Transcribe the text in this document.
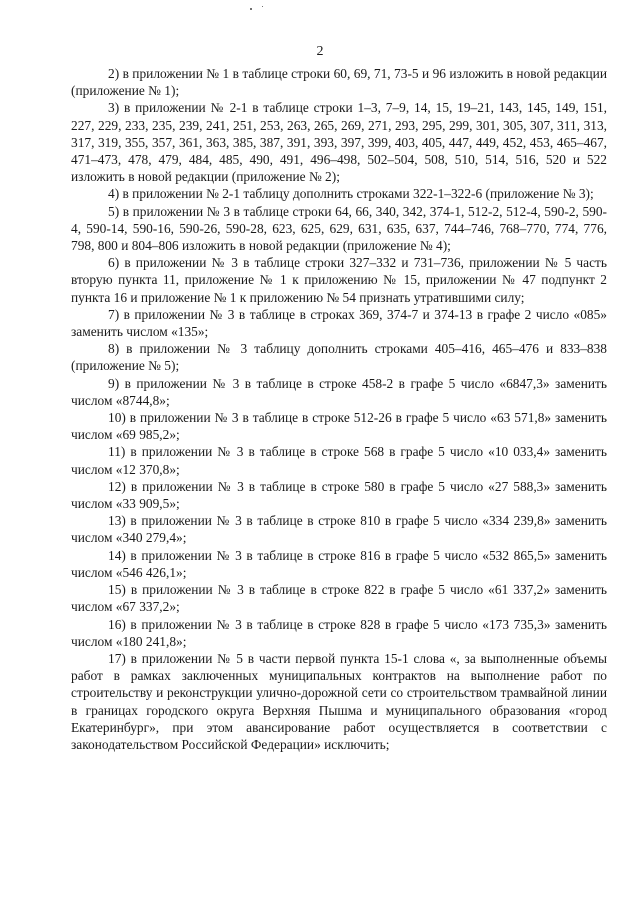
2

2) в приложении № 1 в таблице строки 60, 69, 71, 73-5 и 96 изложить в новой редакции (приложение № 1);

3) в приложении № 2-1 в таблице строки 1–3, 7–9, 14, 15, 19–21, 143, 145, 149, 151, 227, 229, 233, 235, 239, 241, 251, 253, 263, 265, 269, 271, 293, 295, 299, 301, 305, 307, 311, 313, 317, 319, 355, 357, 361, 363, 385, 387, 391, 393, 397, 399, 403, 405, 447, 449, 452, 453, 465–467, 471–473, 478, 479, 484, 485, 490, 491, 496–498, 502–504, 508, 510, 514, 516, 520 и 522 изложить в новой редакции (приложение № 2);

4) в приложении № 2-1 таблицу дополнить строками 322-1–322-6 (приложение № 3);

5) в приложении № 3 в таблице строки 64, 66, 340, 342, 374-1, 512-2, 512-4, 590-2, 590-4, 590-14, 590-16, 590-26, 590-28, 623, 625, 629, 631, 635, 637, 744–746, 768–770, 774, 776, 798, 800 и 804–806 изложить в новой редакции (приложение № 4);

6) в приложении № 3 в таблице строки 327–332 и 731–736, приложении № 5 часть вторую пункта 11, приложение № 1 к приложению № 15, приложении № 47 подпункт 2 пункта 16 и приложение № 1 к приложению № 54 признать утратившими силу;

7) в приложении № 3 в таблице в строках 369, 374-7 и 374-13 в графе 2 число «085» заменить числом «135»;

8) в приложении № 3 таблицу дополнить строками 405–416, 465–476 и 833–838 (приложение № 5);

9) в приложении № 3 в таблице в строке 458-2 в графе 5 число «6847,3» заменить числом «8744,8»;

10) в приложении № 3 в таблице в строке 512-26 в графе 5 число «63 571,8» заменить числом «69 985,2»;

11) в приложении № 3 в таблице в строке 568 в графе 5 число «10 033,4» заменить числом «12 370,8»;

12) в приложении № 3 в таблице в строке 580 в графе 5 число «27 588,3» заменить числом «33 909,5»;

13) в приложении № 3 в таблице в строке 810 в графе 5 число «334 239,8» заменить числом «340 279,4»;

14) в приложении № 3 в таблице в строке 816 в графе 5 число «532 865,5» заменить числом «546 426,1»;

15) в приложении № 3 в таблице в строке 822 в графе 5 число «61 337,2» заменить числом «67 337,2»;

16) в приложении № 3 в таблице в строке 828 в графе 5 число «173 735,3» заменить числом «180 241,8»;

17) в приложении № 5 в части первой пункта 15-1 слова «, за выполненные объемы работ в рамках заключенных муниципальных контрактов на выполнение работ по строительству и реконструкции улично-дорожной сети со строительством трамвайной линии в границах городского округа Верхняя Пышма и муниципального образования «город Екатеринбург», при этом авансирование работ осуществляется в соответствии с законодательством Российской Федерации» исключить;
